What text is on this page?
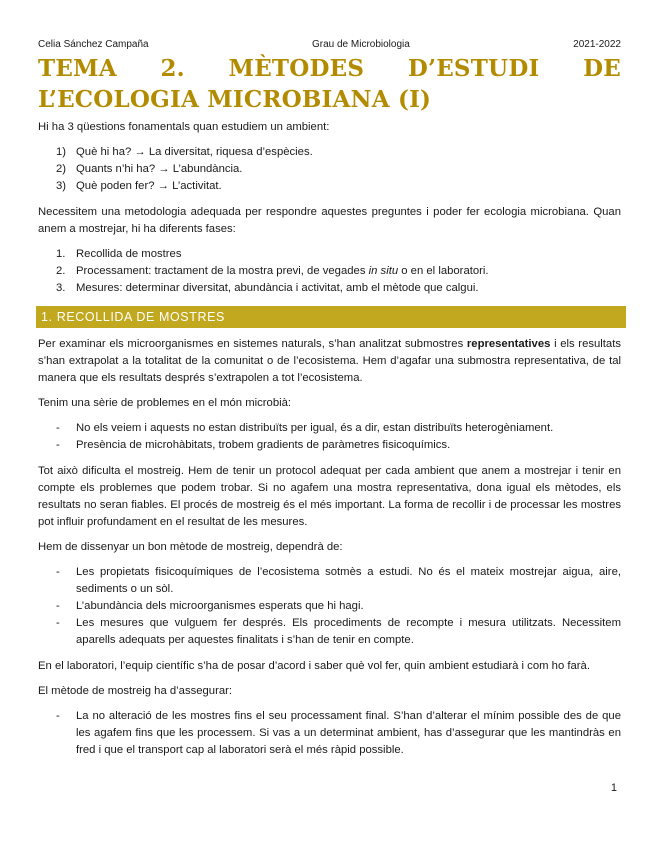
Celia Sánchez Campaña	Grau de Microbiologia	2021-2022
TEMA 2. MÈTODES D’ESTUDI DE L’ECOLOGIA MICROBIANA (I)

Hi ha 3 qüestions fonamentals quan estudiem un ambient:

1) Què hi ha? → La diversitat, riquesa d’espècies.
2) Quants n’hi ha? → L’abundància.
3) Què poden fer? → L’activitat.

Necessitem una metodologia adequada per respondre aquestes preguntes i poder fer ecologia microbiana. Quan anem a mostrejar, hi ha diferents fases:

1. Recollida de mostres
2. Processament: tractament de la mostra previ, de vegades in situ o en el laboratori.
3. Mesures: determinar diversitat, abundància i activitat, amb el mètode que calgui.
1. RECOLLIDA DE MOSTRES

Per examinar els microorganismes en sistemes naturals, s’han analitzat submostres representatives i els resultats s’han extrapolat a la totalitat de la comunitat o de l’ecosistema. Hem d’agafar una submostra representativa, de tal manera que els resultats després s’extrapolen a tot l’ecosistema.

Tenim una sèrie de problemes en el món microbià:

- No els veiem i aquests no estan distribuïts per igual, és a dir, estan distribuïts heterogèniament.
- Presència de microhàbitats, trobem gradients de paràmetres fisicoquímics.

Tot això dificulta el mostreig. Hem de tenir un protocol adequat per cada ambient que anem a mostrejar i tenir en compte els problemes que podem trobar. Si no agafem una mostra representativa, dona igual els mètodes, els resultats no seran fiables. El procés de mostreig és el més important. La forma de recollir i de processar les mostres pot influir profundament en el resultat de les mesures.

Hem de dissenyar un bon mètode de mostreig, dependrà de:

- Les propietats fisicoquímiques de l’ecosistema sotmès a estudi. No és el mateix mostrejar aigua, aire, sediments o un sòl.
- L’abundància dels microorganismes esperats que hi hagi.
- Les mesures que vulguem fer després. Els procediments de recompte i mesura utilitzats. Necessitem aparells adequats per aquestes finalitats i s’han de tenir en compte.

En el laboratori, l’equip científic s’ha de posar d’acord i saber què vol fer, quin ambient estudiarà i com ho farà.

El mètode de mostreig ha d’assegurar:

- La no alteració de les mostres fins el seu processament final. S’han d’alterar el mínim possible des de que les agafem fins que les processem. Si vas a un determinat ambient, has d’assegurar que les mantindràs en fred i que el transport cap al laboratori serà el més ràpid possible.
1
